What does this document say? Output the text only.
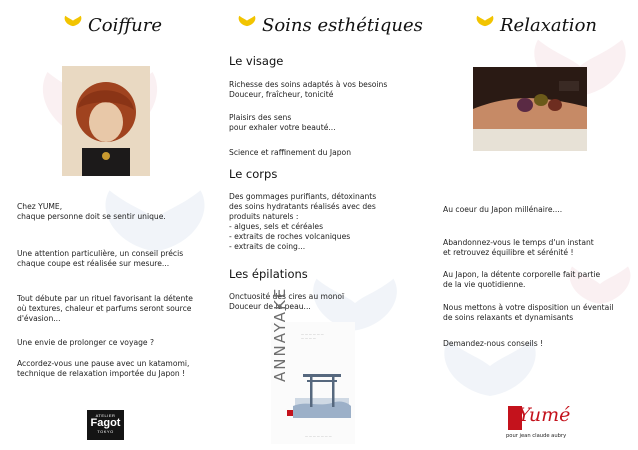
Coiffure
Chez YUME,
chaque personne doit se sentir unique.
Une attention particulière, un conseil précis
chaque coupe est réalisée sur mesure...
Tout débute par un rituel favorisant la détente
où textures, chaleur et parfums seront source
d'évasion...
Une envie de prolonger ce voyage ?
Accordez-vous une pause avec un katamomi,
technique de relaxation importée du Japon !
ATELIER
Fagot
TOKYO
Soins esthétiques
Le visage
Richesse des soins adaptés à vos besoins
Douceur, fraîcheur, tonicité
Plaisirs des sens
pour exhaler votre beauté...
Science et raffinement du Japon
Le corps
Des gommages purifiants, détoxinants
des soins hydratants réalisés avec des
produits naturels :
- algues, sels et céréales
- extraits de roches volcaniques
- extraits de coing...
Les épilations
Onctuosité des cires au monoï
Douceur de la peau...
ANNAYAKE	— — — — — —
— — — —
— — — — — — —
Relaxation
Au coeur du Japon millénaire....
Abandonnez-vous le temps d'un instant
et retrouvez équilibre et sérénité !
Au Japon, la détente corporelle fait partie
de la vie quotidienne.
Nous mettons à votre disposition un éventail
de soins relaxants et dynamisants
Demandez-nous conseils !
Yumé
pour jean claude aubry
